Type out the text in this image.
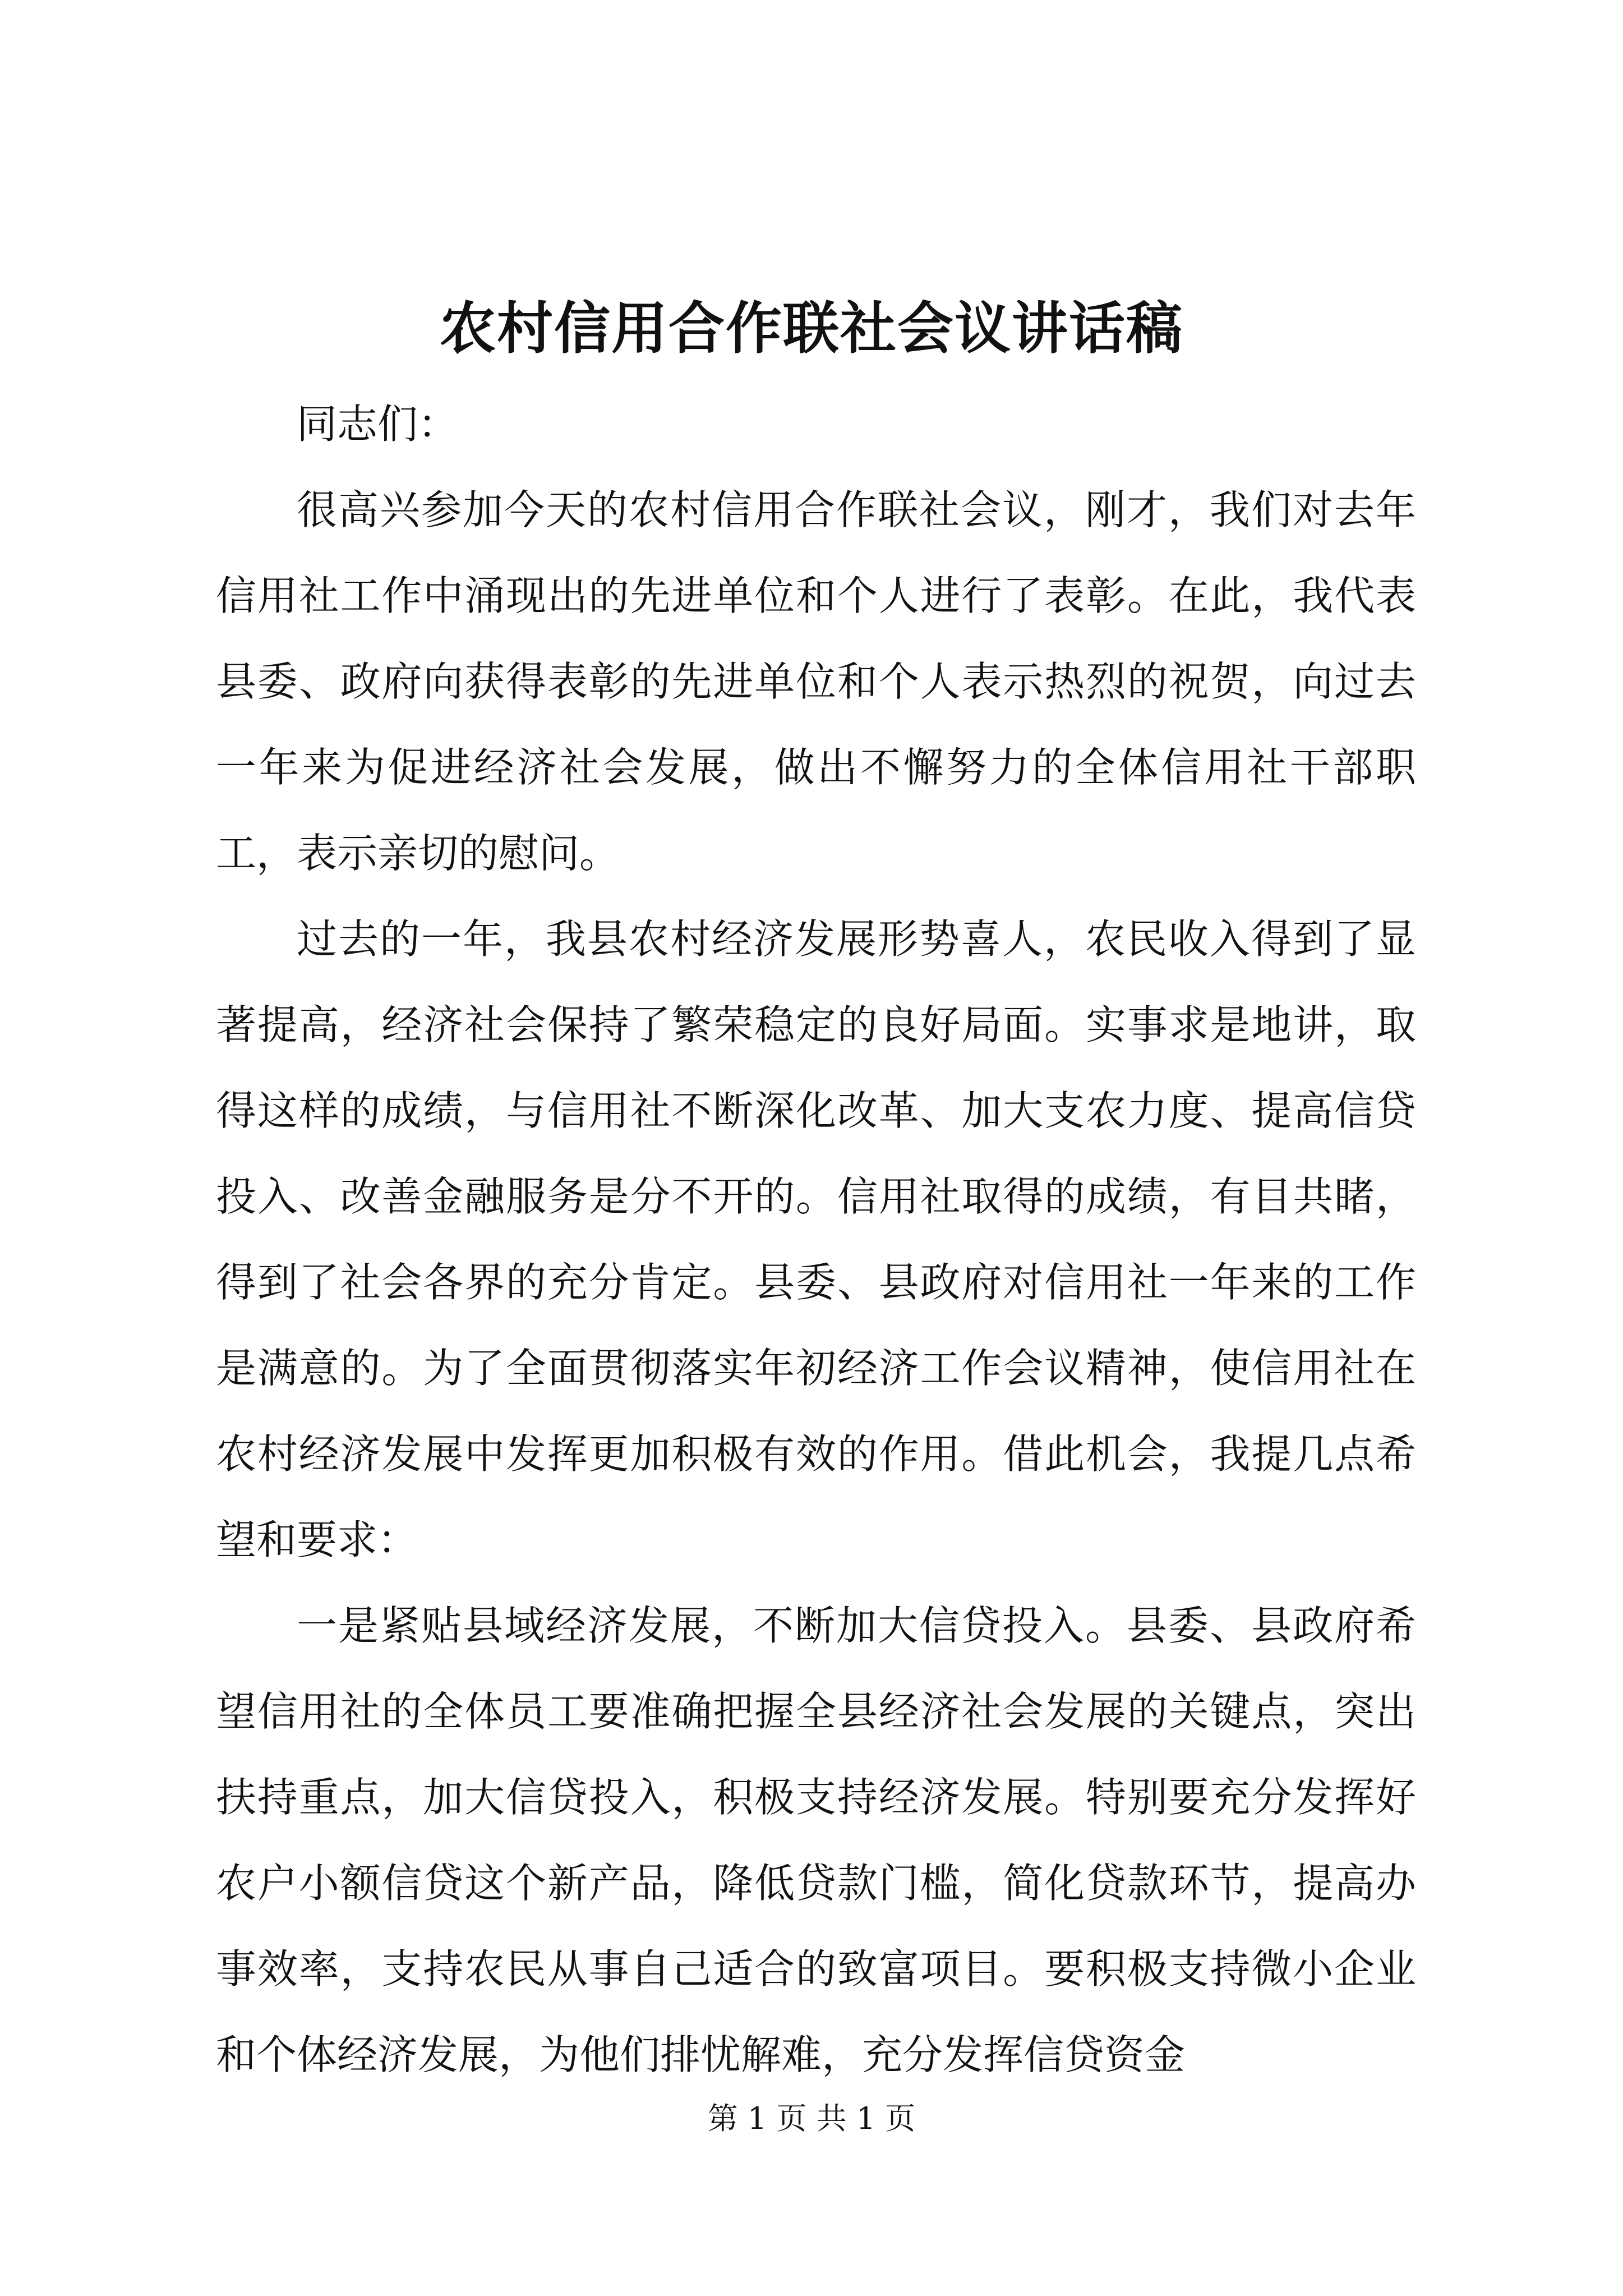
农村信用合作联社会议讲话稿

同志们：

很高兴参加今天的农村信用合作联社会议，刚才，我们对去年信用社工作中涌现出的先进单位和个人进行了表彰。在此，我代表县委、政府向获得表彰的先进单位和个人表示热烈的祝贺，向过去一年来为促进经济社会发展，做出不懈努力的全体信用社干部职工，表示亲切的慰问。

过去的一年，我县农村经济发展形势喜人，农民收入得到了显著提高，经济社会保持了繁荣稳定的良好局面。实事求是地讲，取得这样的成绩，与信用社不断深化改革、加大支农力度、提高信贷投入、改善金融服务是分不开的。信用社取得的成绩，有目共睹，得到了社会各界的充分肯定。县委、县政府对信用社一年来的工作是满意的。为了全面贯彻落实年初经济工作会议精神，使信用社在农村经济发展中发挥更加积极有效的作用。借此机会，我提几点希望和要求：

一是紧贴县域经济发展，不断加大信贷投入。县委、县政府希望信用社的全体员工要准确把握全县经济社会发展的关键点，突出扶持重点，加大信贷投入，积极支持经济发展。特别要充分发挥好农户小额信贷这个新产品，降低贷款门槛，简化贷款环节，提高办事效率，支持农民从事自己适合的致富项目。要积极支持微小企业和个体经济发展，为他们排忧解难，充分发挥信贷资金

第 1 页 共 1 页
